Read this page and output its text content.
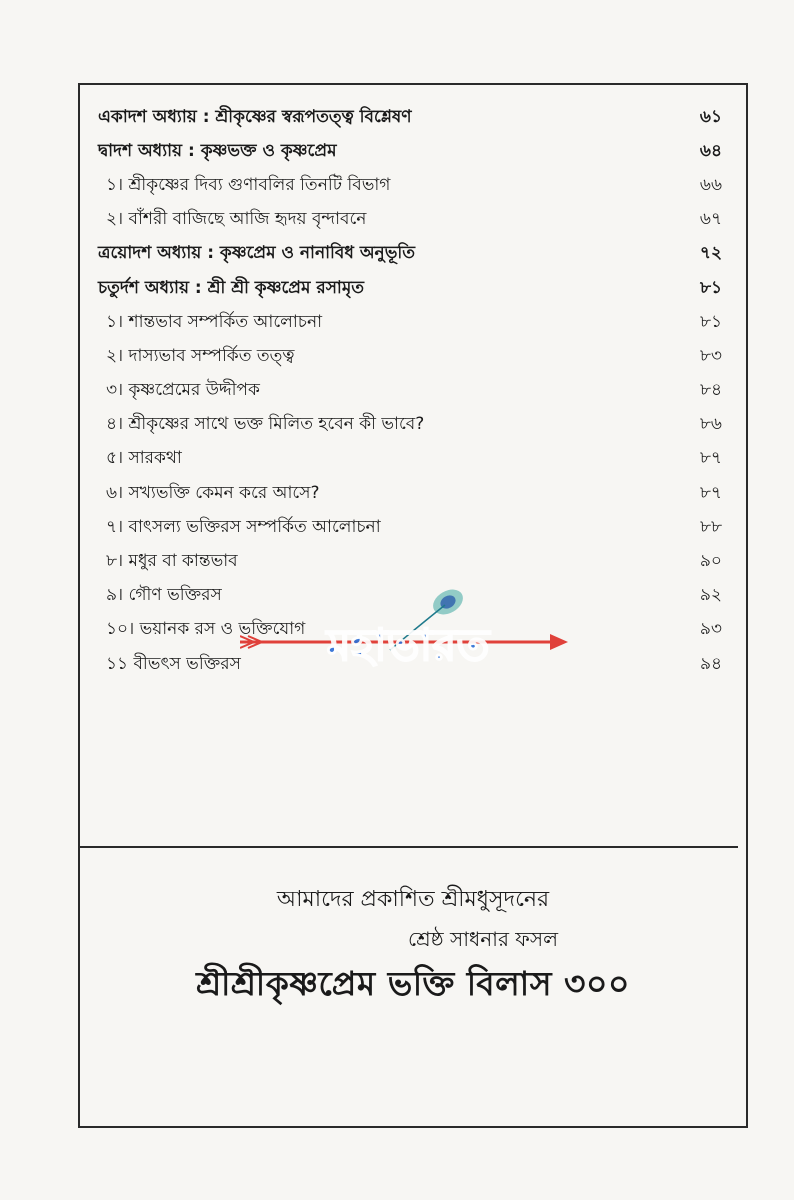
একাদশ অধ্যায় : শ্রীকৃষ্ণের স্বরূপতত্ত্ব বিশ্লেষণ	৬১
দ্বাদশ অধ্যায় : কৃষ্ণভক্ত ও কৃষ্ণপ্রেম	৬৪
১। শ্রীকৃষ্ণের দিব্য গুণাবলির তিনটি বিভাগ	৬৬
২। বাঁশরী বাজিছে আজি হৃদয় বৃন্দাবনে	৬৭
ত্রয়োদশ অধ্যায় : কৃষ্ণপ্রেম ও নানাবিধ অনুভূতি	৭২
চতুর্দশ অধ্যায় : শ্রী শ্রী কৃষ্ণপ্রেম রসামৃত	৮১
১। শান্তভাব সম্পর্কিত আলোচনা	৮১
২। দাস্যভাব সম্পর্কিত তত্ত্ব	৮৩
৩। কৃষ্ণপ্রেমের উদ্দীপক	৮৪
৪। শ্রীকৃষ্ণের সাথে ভক্ত মিলিত হবেন কী ভাবে?	৮৬
৫। সারকথা	৮৭
৬। সখ্যভক্তি কেমন করে আসে?	৮৭
৭। বাৎসল্য ভক্তিরস সম্পর্কিত আলোচনা	৮৮
৮। মধুর বা কান্তভাব	৯০
৯। গৌণ ভক্তিরস	৯২
১০। ভয়ানক রস ও ভক্তিযোগ	৯৩
১১ বীভৎস ভক্তিরস	৯৪
আমাদের প্রকাশিত শ্রীমধুসূদনের
শ্রেষ্ঠ সাধনার ফসল
শ্রীশ্রীকৃষ্ণপ্রেম ভক্তি বিলাস ৩০০
মহাভারত
